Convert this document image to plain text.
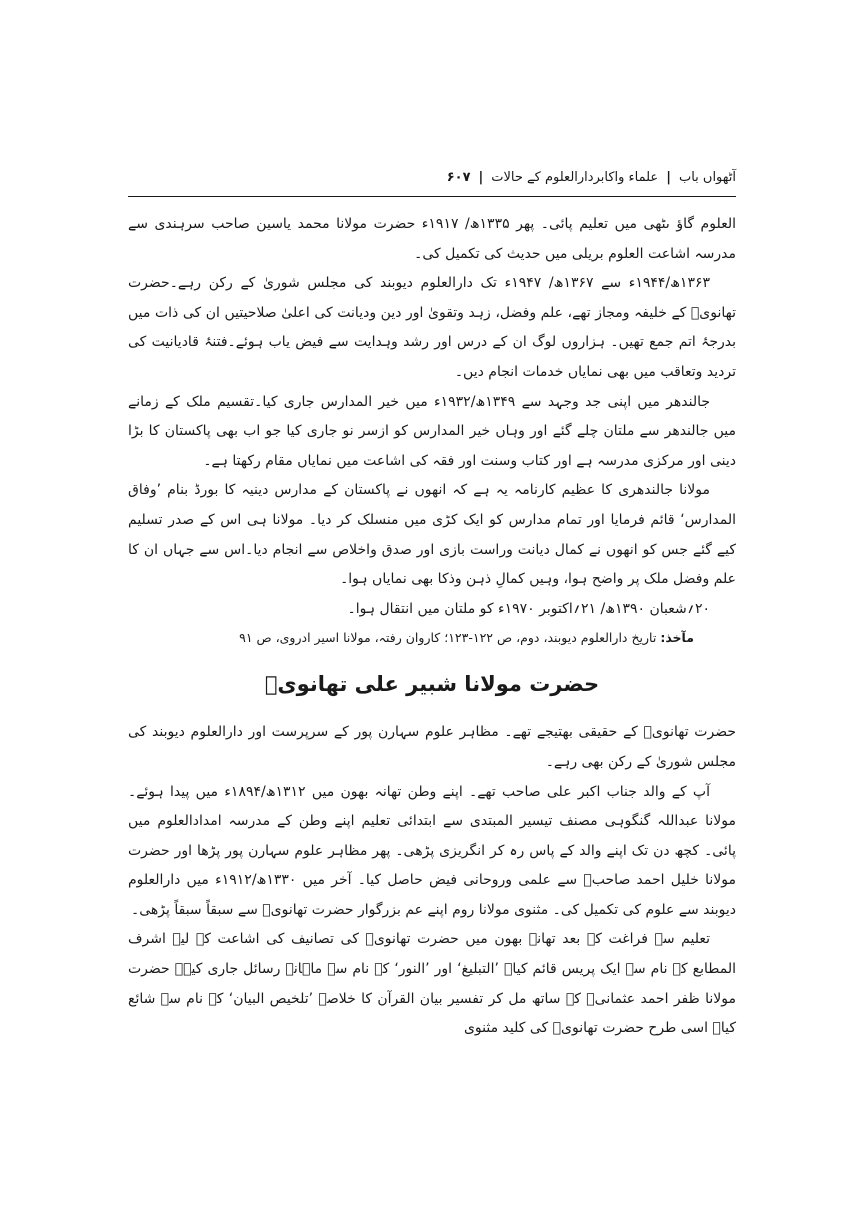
آٹھواں باب
|
علماء واکابردارالعلوم کے حالات
|
۶۰۷

العلوم گاؤ ںٹھی میں تعلیم پائی۔ پھر ۱۳۳۵ھ/ ۱۹۱۷ء حضرت مولانا محمد یاسین صاحب سرہندی سے مدرسہ اشاعت العلوم بریلی میں حدیث کی تکمیل کی۔

۱۳۶۳ھ/۱۹۴۴ء سے ۱۳۶۷ھ/ ۱۹۴۷ء تک دارالعلوم دیوبند کی مجلس شوریٰ کے رکن رہے۔حضرت تھانویؒ کے خلیفہ ومجاز تھے، علم وفضل، زہد وتقویٰ اور دین ودیانت کی اعلیٰ صلاحیتیں ان کی ذات میں بدرجۂ اتم جمع تھیں۔ ہزاروں لوگ ان کے درس اور رشد وہدایت سے فیض یاب ہوئے۔فتنۂ قادیانیت کی تردید وتعاقب میں بھی نمایاں خدمات انجام دیں۔

جالندھر میں اپنی جد وجہد سے ۱۳۴۹ھ/۱۹۳۲ء میں خیر المدارس جاری کیا۔تقسیم ملک کے زمانے میں جالندھر سے ملتان چلے گئے اور وہاں خیر المدارس کو ازسر نو جاری کیا جو اب بھی پاکستان کا بڑا دینی اور مرکزی مدرسہ ہے اور کتاب وسنت اور فقہ کی اشاعت میں نمایاں مقام رکھتا ہے۔

مولانا جالندھری کا عظیم کارنامہ یہ ہے کہ انھوں نے پاکستان کے مدارس دینیہ کا بورڈ بنام ’وفاق المدارس‘ قائم فرمایا اور تمام مدارس کو ایک کڑی میں منسلک کر دیا۔ مولانا ہی اس کے صدر تسلیم کیے گئے جس کو انھوں نے کمال دیانت وراست بازی اور صدق واخلاص سے انجام دیا۔اس سے جہاں ان کا علم وفضل ملک پر واضح ہوا، وہیں کمالِ ذہن وذکا بھی نمایاں ہوا۔

۲۰؍شعبان ۱۳۹۰ھ/ ۲۱؍اکتوبر ۱۹۷۰ء کو ملتان میں انتقال ہوا۔

مآخذ: تاریخ دارالعلوم دیوبند، دوم، ص ۱۲۲-۱۲۳؛ کاروان رفتہ، مولانا اسیر ادروی، ص ۹۱

حضرت مولانا شبیر علی تھانویؒ

حضرت تھانویؒ کے حقیقی بھتیجے تھے۔ مظاہر علوم سہارن پور کے سرپرست اور دارالعلوم دیوبند کی مجلس شوریٰ کے رکن بھی رہے۔

آپ کے والد جناب اکبر علی صاحب تھے۔ اپنے وطن تھانہ بھون میں ۱۳۱۲ھ/۱۸۹۴ء میں پیدا ہوئے۔ مولانا عبداللہ گنگوہی مصنف تیسیر المبتدی سے ابتدائی تعلیم اپنے وطن کے مدرسہ امدادالعلوم میں پائی۔ کچھ دن تک اپنے والد کے پاس رہ کر انگریزی پڑھی۔ پھر مظاہر علوم سہارن پور پڑھا اور حضرت مولانا خلیل احمد صاحبؒ سے علمی وروحانی فیض حاصل کیا۔ آخر میں ۱۳۳۰ھ/۱۹۱۲ء میں دارالعلوم دیوبند سے علوم کی تکمیل کی۔ مثنوی مولانا روم اپنے عم بزرگوار حضرت تھانویؒ سے سبقاً سبقاً پڑھی۔

تعلیم سے فراغت کے بعد تھانہ بھون میں حضرت تھانویؒ کی تصانیف کی اشاعت کے لیے اشرف المطابع کے نام سے ایک پریس قائم کیا۔ ’التبلیغ‘ اور ’النور‘ کے نام سے ماہانہ رسائل جاری کیے۔ حضرت مولانا ظفر احمد عثمانیؒ کے ساتھ مل کر تفسیر بیان القرآن کا خلاصہ ’تلخیص البیان‘ کے نام سے شائع کیا۔ اسی طرح حضرت تھانویؒ کی کلید مثنوی
